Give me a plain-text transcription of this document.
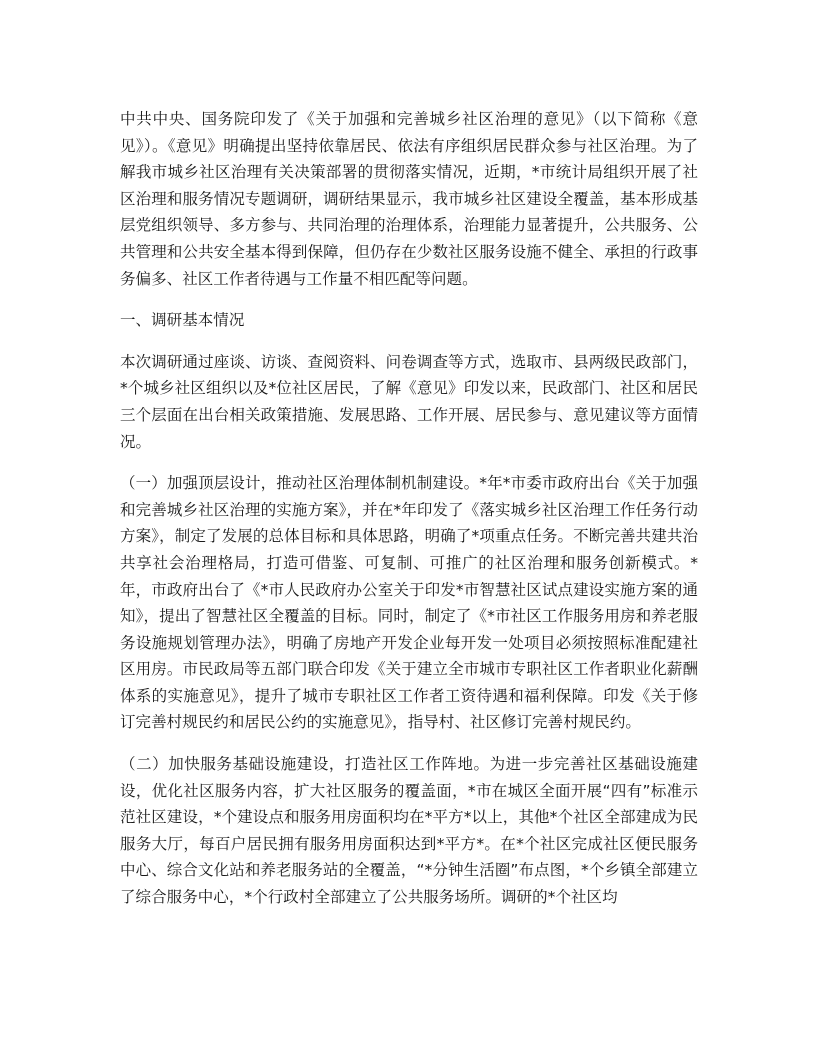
中共中央、国务院印发了《关于加强和完善城乡社区治理的意见》（以下简称《意见》）。《意见》明确提出坚持依靠居民、依法有序组织居民群众参与社区治理。为了解我市城乡社区治理有关决策部署的贯彻落实情况，近期，*市统计局组织开展了社区治理和服务情况专题调研，调研结果显示，我市城乡社区建设全覆盖，基本形成基层党组织领导、多方参与、共同治理的治理体系，治理能力显著提升，公共服务、公共管理和公共安全基本得到保障，但仍存在少数社区服务设施不健全、承担的行政事务偏多、社区工作者待遇与工作量不相匹配等问题。

一、调研基本情况

本次调研通过座谈、访谈、查阅资料、问卷调查等方式，选取市、县两级民政部门，*个城乡社区组织以及*位社区居民，了解《意见》印发以来，民政部门、社区和居民三个层面在出台相关政策措施、发展思路、工作开展、居民参与、意见建议等方面情况。

（一）加强顶层设计，推动社区治理体制机制建设。*年*市委市政府出台《关于加强和完善城乡社区治理的实施方案》，并在*年印发了《落实城乡社区治理工作任务行动方案》，制定了发展的总体目标和具体思路，明确了*项重点任务。不断完善共建共治共享社会治理格局，打造可借鉴、可复制、可推广的社区治理和服务创新模式。*年，市政府出台了《*市人民政府办公室关于印发*市智慧社区试点建设实施方案的通知》，提出了智慧社区全覆盖的目标。同时，制定了《*市社区工作服务用房和养老服务设施规划管理办法》，明确了房地产开发企业每开发一处项目必须按照标准配建社区用房。市民政局等五部门联合印发《关于建立全市城市专职社区工作者职业化薪酬体系的实施意见》，提升了城市专职社区工作者工资待遇和福利保障。印发《关于修订完善村规民约和居民公约的实施意见》，指导村、社区修订完善村规民约。

（二）加快服务基础设施建设，打造社区工作阵地。为进一步完善社区基础设施建设，优化社区服务内容，扩大社区服务的覆盖面，*市在城区全面开展“四有”标准示范社区建设，*个建设点和服务用房面积均在*平方*以上，其他*个社区全部建成为民服务大厅，每百户居民拥有服务用房面积达到*平方*。在*个社区完成社区便民服务中心、综合文化站和养老服务站的全覆盖，“*分钟生活圈”布点图，*个乡镇全部建立了综合服务中心，*个行政村全部建立了公共服务场所。调研的*个社区均
